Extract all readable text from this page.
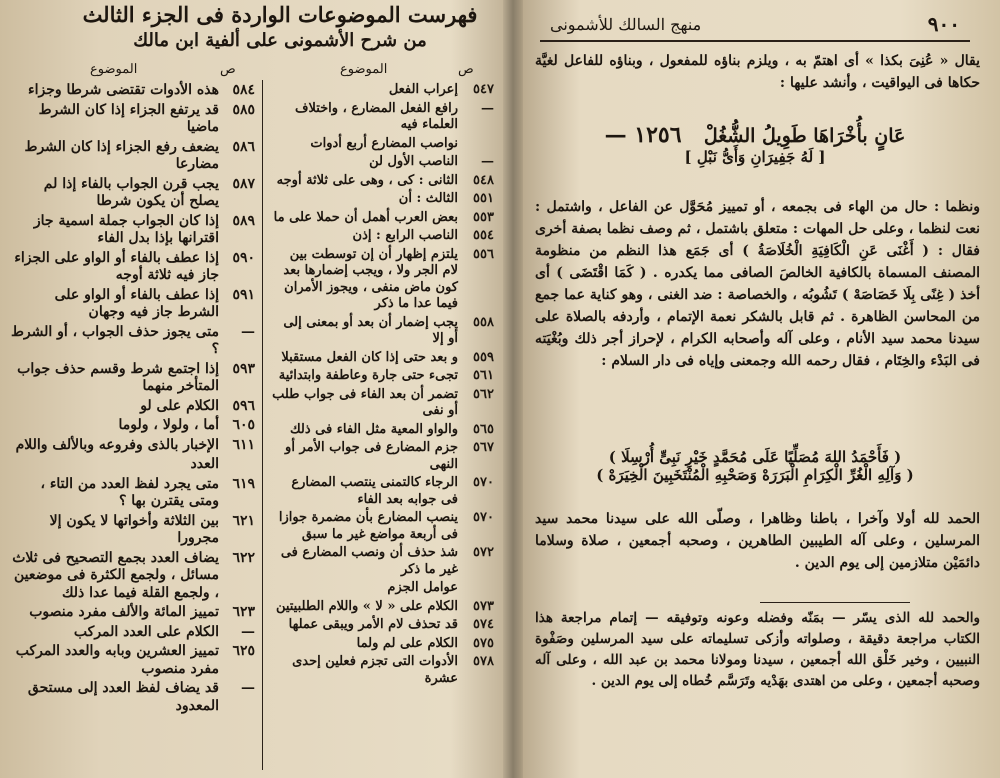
فهرست الموضوعات الواردة فى الجزء الثالث
من شرح الأشمونى على ألفية ابن مالك
ص
الموضوع
ص
الموضوع
٥٤٧
إعراب الفعل
—
رافع الفعل المضارع ، واختلاف العلماء فيه
نواصب المضارع أربع أدوات
—
الناصب الأول لن
٥٤٨
الثانى : كى ، وهى على ثلاثة أوجه
٥٥١
الثالث : أن
٥٥٣
بعض العرب أهمل أن حملا على ما
٥٥٤
الناصب الرابع : إذن
٥٥٦
يلتزم إظهار أن إن توسطت بين لام الجر ولا ، ويجب إضمارها بعد كون ماض منفى ، ويجوز الأمران فيما عدا ما ذكر
٥٥٨
يجب إضمار أن بعد أو بمعنى إلى أو إلا
٥٥٩
و بعد حتى إذا كان الفعل مستقبلا
٥٦١
تجىء حتى جارة وعاطفة وابتدائية
٥٦٢
تضمر أن بعد الفاء فى جواب طلب أو نفى
٥٦٥
والواو المعية مثل الفاء فى ذلك
٥٦٧
جزم المضارع فى جواب الأمر أو النهى
٥٧٠
الرجاء كالتمنى ينتصب المضارع فى جوابه بعد الفاء
٥٧٠
ينصب المضارع بأن مضمرة جوازا فى أربعة مواضع غير ما سبق
٥٧٢
شذ حذف أن ونصب المضارع فى غير ما ذكر
عوامل الجزم
٥٧٣
الكلام على « لا » واللام الطلبيتين
٥٧٤
قد تحذف لام الأمر ويبقى عملها
٥٧٥
الكلام على لم ولما
٥٧٨
الأدوات التى تجزم فعلين إحدى عشرة
٥٨٤
هذه الأدوات تقتضى شرطا وجزاء
٥٨٥
قد يرتفع الجزاء إذا كان الشرط ماضيا
٥٨٦
يضعف رفع الجزاء إذا كان الشرط مضارعا
٥٨٧
يجب قرن الجواب بالفاء إذا لم يصلح أن يكون شرطا
٥٨٩
إذا كان الجواب جملة اسمية جاز اقترانها بإذا بدل الفاء
٥٩٠
إذا عطف بالفاء أو الواو على الجزاء جاز فيه ثلاثة أوجه
٥٩١
إذا عطف بالفاء أو الواو على الشرط جاز فيه وجهان
—
متى يجوز حذف الجواب ، أو الشرط ؟
٥٩٣
إذا اجتمع شرط وقسم حذف جواب المتأخر منهما
٥٩٦
الكلام على لو
٦٠٥
أما ، ولولا ، ولوما
٦١١
الإخبار بالذى وفروعه وبالألف واللام
العدد
٦١٩
متى يجرد لفظ العدد من التاء ، ومتى يقترن بها ؟
٦٢١
بين الثلاثة وأخواتها لا يكون إلا مجرورا
٦٢٢
يضاف العدد بجمع التصحيح فى ثلاث مسائل ، ولجمع الكثرة فى موضعين ، ولجمع القلة فيما عدا ذلك
٦٢٣
تمييز المائة والألف مفرد منصوب
—
الكلام على العدد المركب
٦٢٥
تمييز العشرين وبابه والعدد المركب مفرد منصوب
—
قد يضاف لفظ العدد إلى مستحق المعدود
٩٠٠
منهج السالك للأشمونى

يقال « عُنِىَ بكذا » أى اهتمّ به ، ويلزم بناؤه للمفعول ، وبناؤه للفاعل لغيَّة حكاها فى اليواقيت ، وأنشد عليها :

عَانٍ بأُخْرَاهَا طَوِيلُ الشُّغُلْ    ١٢٥٦ —
[ لَهُ جَفِيرَانِ وَأَىُّ نَبْلِ ]

ونظما : حال من الهاء فى بجمعه ، أو تمييز مُحَوَّل عن الفاعل ، واشتمل : نعت لنظما ، وعلى حل المهات : متعلق باشتمل ، ثم وصف نظما بصفة أخرى فقال : ( أَغْنَى عَنِ الْكَافِيَةِ الْخُلَاصَةُ ) أى جَمَع هذا النظم من منظومة المصنف المسماة بالكافية الخالصَ الصافى مما يكدره . ( كَمَا اقْتَضَى ) أى أخذ ( غِنًى بِلَا خَصَاصَهْ ) تَشُوبُه ، والخصاصة : ضد الغنى ، وهو كناية عما جمع من المحاسن الظاهرة . ثم قابل بالشكر نعمة الإتمام ، وأردفه بالصلاة على سيدنا محمد سيد الأنام ، وعلى آله وأصحابه الكرام ، لإحراز أجر ذلك وبُغْيَته فى البَدْء والخِتَام ، فقال رحمه الله وجمعنى وإياه فى دار السلام :

( فَأَحْمَدُ اللهَ مُصَلِّيًا عَلَى مُحَمَّدٍ خَيْرِ نَبِىٍّ أُرْسِلَا )
( وَآلِهِ الْغُرِّ الْكِرَامِ الْبَرَرَهْ وَصَحْبِهِ الْمُنْتَخَبِينَ الْخِيَرَهْ )

الحمد لله أولا وآخرا ، باطنا وظاهرا ، وصلّى الله على سيدنا محمد سيد المرسلين ، وعلى آله الطيبين الطاهرين ، وصحبه أجمعين ، صلاة وسلاما دائمَيْن متلازمين إلى يوم الدين .

والحمد لله الذى يسّر — بمَنّه وفضله وعونه وتوفيقه — إتمام مراجعة هذا الكتاب مراجعة دقيقة ، وصلواته وأزكى تسليماته على سيد المرسلين وصَفْوة النبيين ، وخير خَلْق الله أجمعين ، سيدنا ومولانا محمد بن عبد الله ، وعلى آله وصحبه أجمعين ، وعلى من اهتدى بهَدْيه وتَرَسَّم خُطاه إلى يوم الدين .
